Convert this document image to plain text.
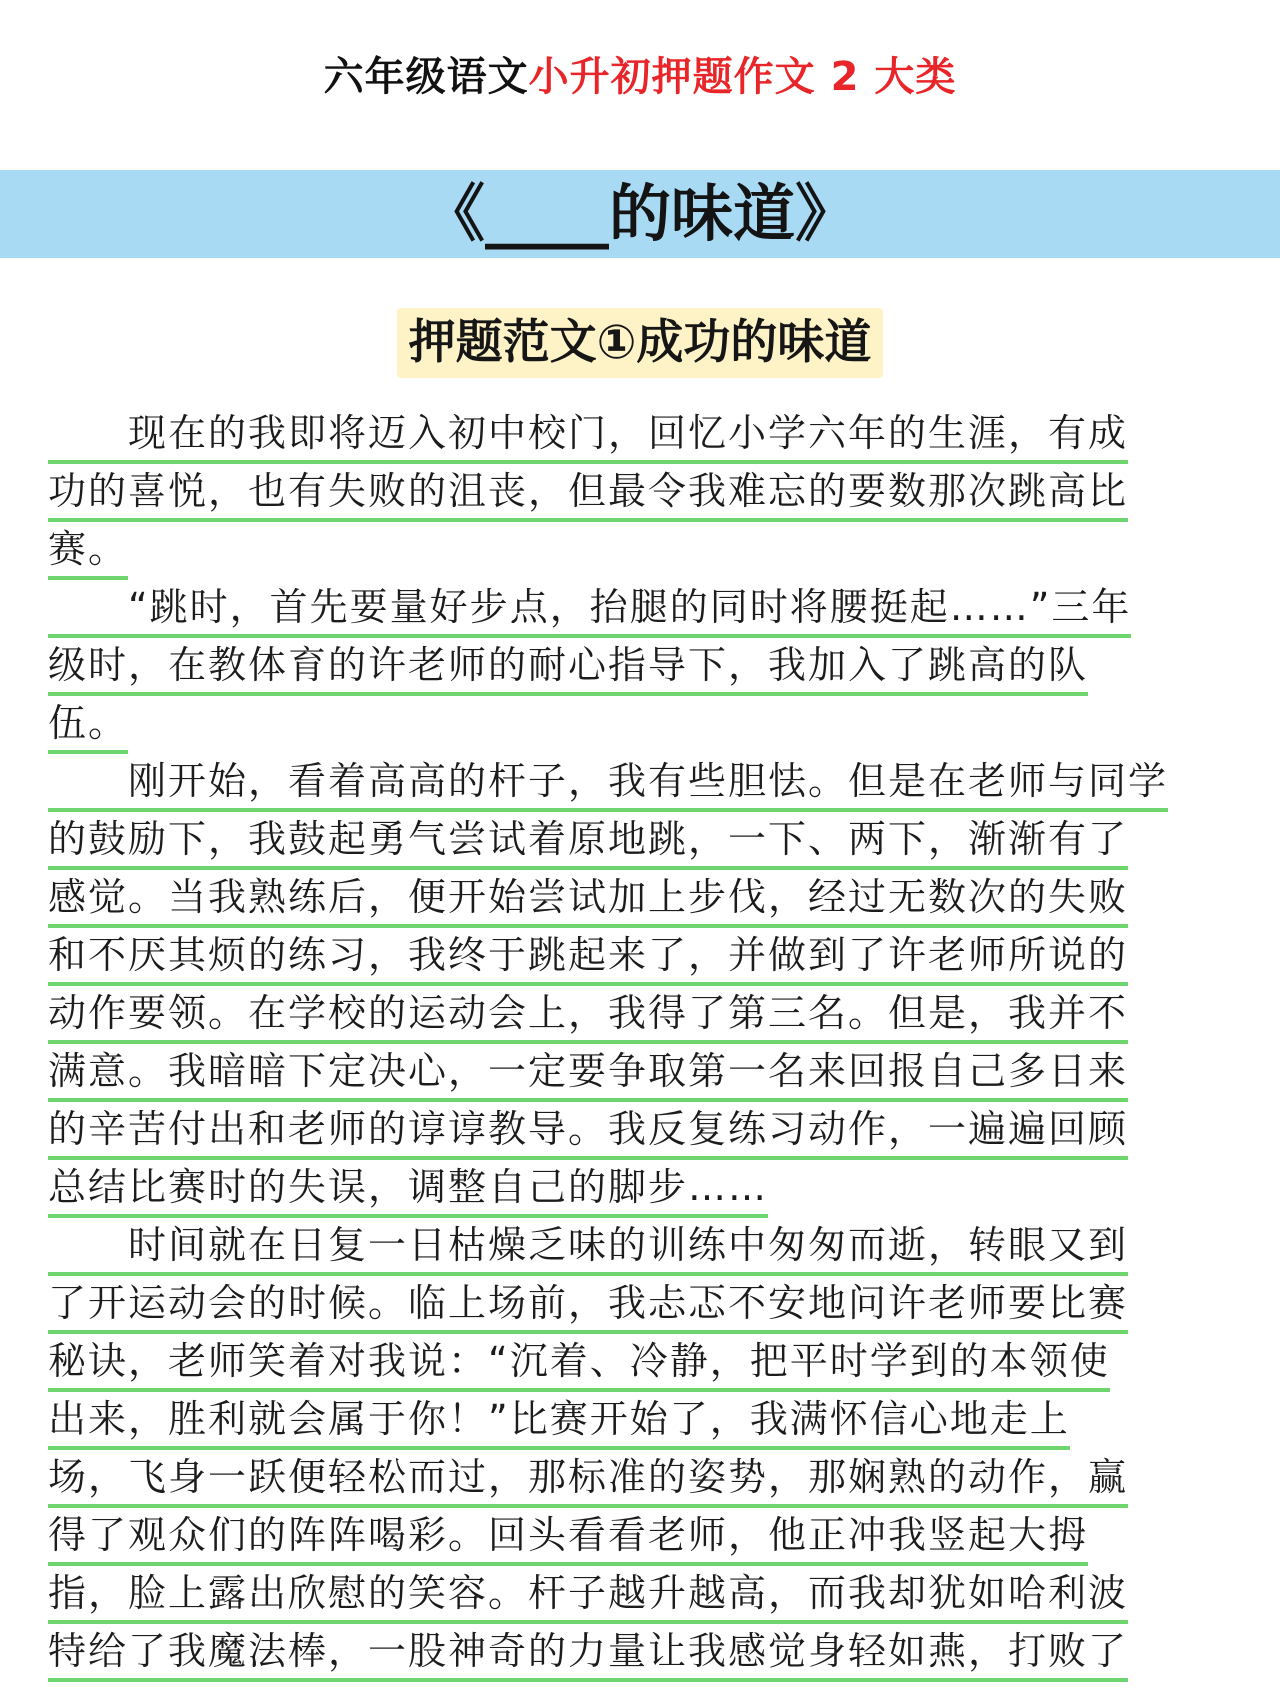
六年级语文小升初押题作文 2 大类
《____的味道》
押题范文①成功的味道
现在的我即将迈入初中校门，回忆小学六年的生涯，有成
功的喜悦，也有失败的沮丧，但最令我难忘的要数那次跳高比
赛。
“跳时，首先要量好步点，抬腿的同时将腰挺起……”三年
级时，在教体育的许老师的耐心指导下，我加入了跳高的队
伍。
刚开始，看着高高的杆子，我有些胆怯。但是在老师与同学
的鼓励下，我鼓起勇气尝试着原地跳，一下、两下，渐渐有了
感觉。当我熟练后，便开始尝试加上步伐，经过无数次的失败
和不厌其烦的练习，我终于跳起来了，并做到了许老师所说的
动作要领。在学校的运动会上，我得了第三名。但是，我并不
满意。我暗暗下定决心，一定要争取第一名来回报自己多日来
的辛苦付出和老师的谆谆教导。我反复练习动作，一遍遍回顾
总结比赛时的失误，调整自己的脚步……
时间就在日复一日枯燥乏味的训练中匆匆而逝，转眼又到
了开运动会的时候。临上场前，我忐忑不安地问许老师要比赛
秘诀，老师笑着对我说：“沉着、冷静，把平时学到的本领使
出来，胜利就会属于你！”比赛开始了，我满怀信心地走上
场，飞身一跃便轻松而过，那标准的姿势，那娴熟的动作，赢
得了观众们的阵阵喝彩。回头看看老师，他正冲我竖起大拇
指，脸上露出欣慰的笑容。杆子越升越高，而我却犹如哈利波
特给了我魔法棒，一股神奇的力量让我感觉身轻如燕，打败了
